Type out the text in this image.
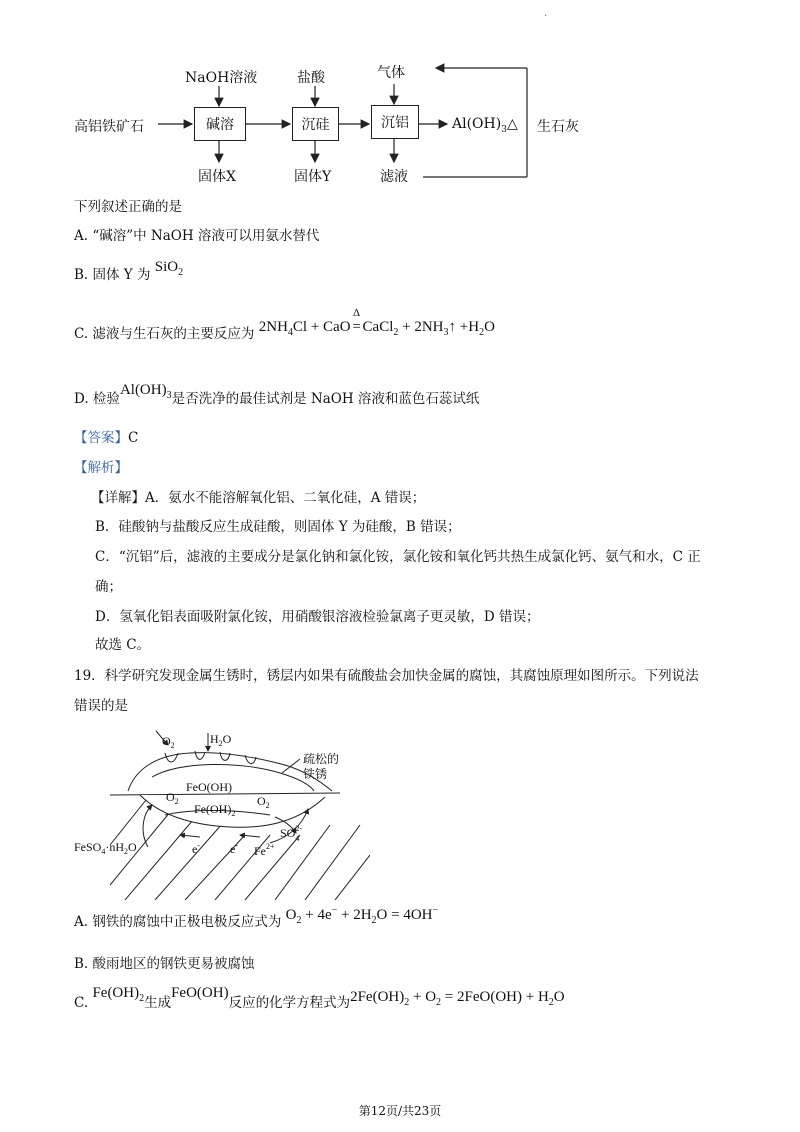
.
NaOH溶液	盐酸	气体
高铝铁矿石	碱溶	沉硅	沉铝	$Al(OH)_3\triangle$ 生石灰
固体X	固体Y	滤液
下列叙述正确的是
A. “碱溶”中 NaOH 溶液可以用氨水替代
B. 固体 Y 为 SiO$_2$
C. 滤液与生石灰的主要反应为 $2NH_4Cl$ + CaO
Δ
= CaCl$_2$ + $2NH_3↑ +H_2O$
D. 检验$Al(OH)_3$是否洗净的最佳试剂是 NaOH 溶液和蓝色石蕊试纸
【答案】C
【解析】
【详解】A．氨水不能溶解氧化铝、二氧化硅，A 错误；
B．硅酸钠与盐酸反应生成硅酸，则固体 Y 为硅酸，B 错误；
C．“沉铝”后，滤液的主要成分是氯化钠和氯化铵，氯化铵和氧化钙共热生成氯化钙、氨气和水，C 正
确；
D．氢氧化铝表面吸附氯化铵，用硝酸银溶液检验氯离子更灵敏，D 错误；
故选 C。
19．科学研究发现金属生锈时，锈层内如果有硫酸盐会加快金属的腐蚀，其腐蚀原理如图所示。下列说法
错误的是
$O_2$	$H_2O$
疏松的
铁锈
$O_2$
FeO(OH)
$O_2$
$Fe(OH)_2$
$SO_42-$
$FeSO_4\cdot nH_2O$	e-	e- $Fe^{2+}$
A. 钢铁的腐蚀中正极电极反应式为 $O_2 + 4e^- + 2H_2O = 4OH^-$
B. 酸雨地区的钢铁更易被腐蚀
C. $Fe(OH)_2$生成FeO(OH)反应的化学方程式为$2Fe(OH)_2 + O_2 = 2FeO(OH) + H_2O$
第12页/共23页
